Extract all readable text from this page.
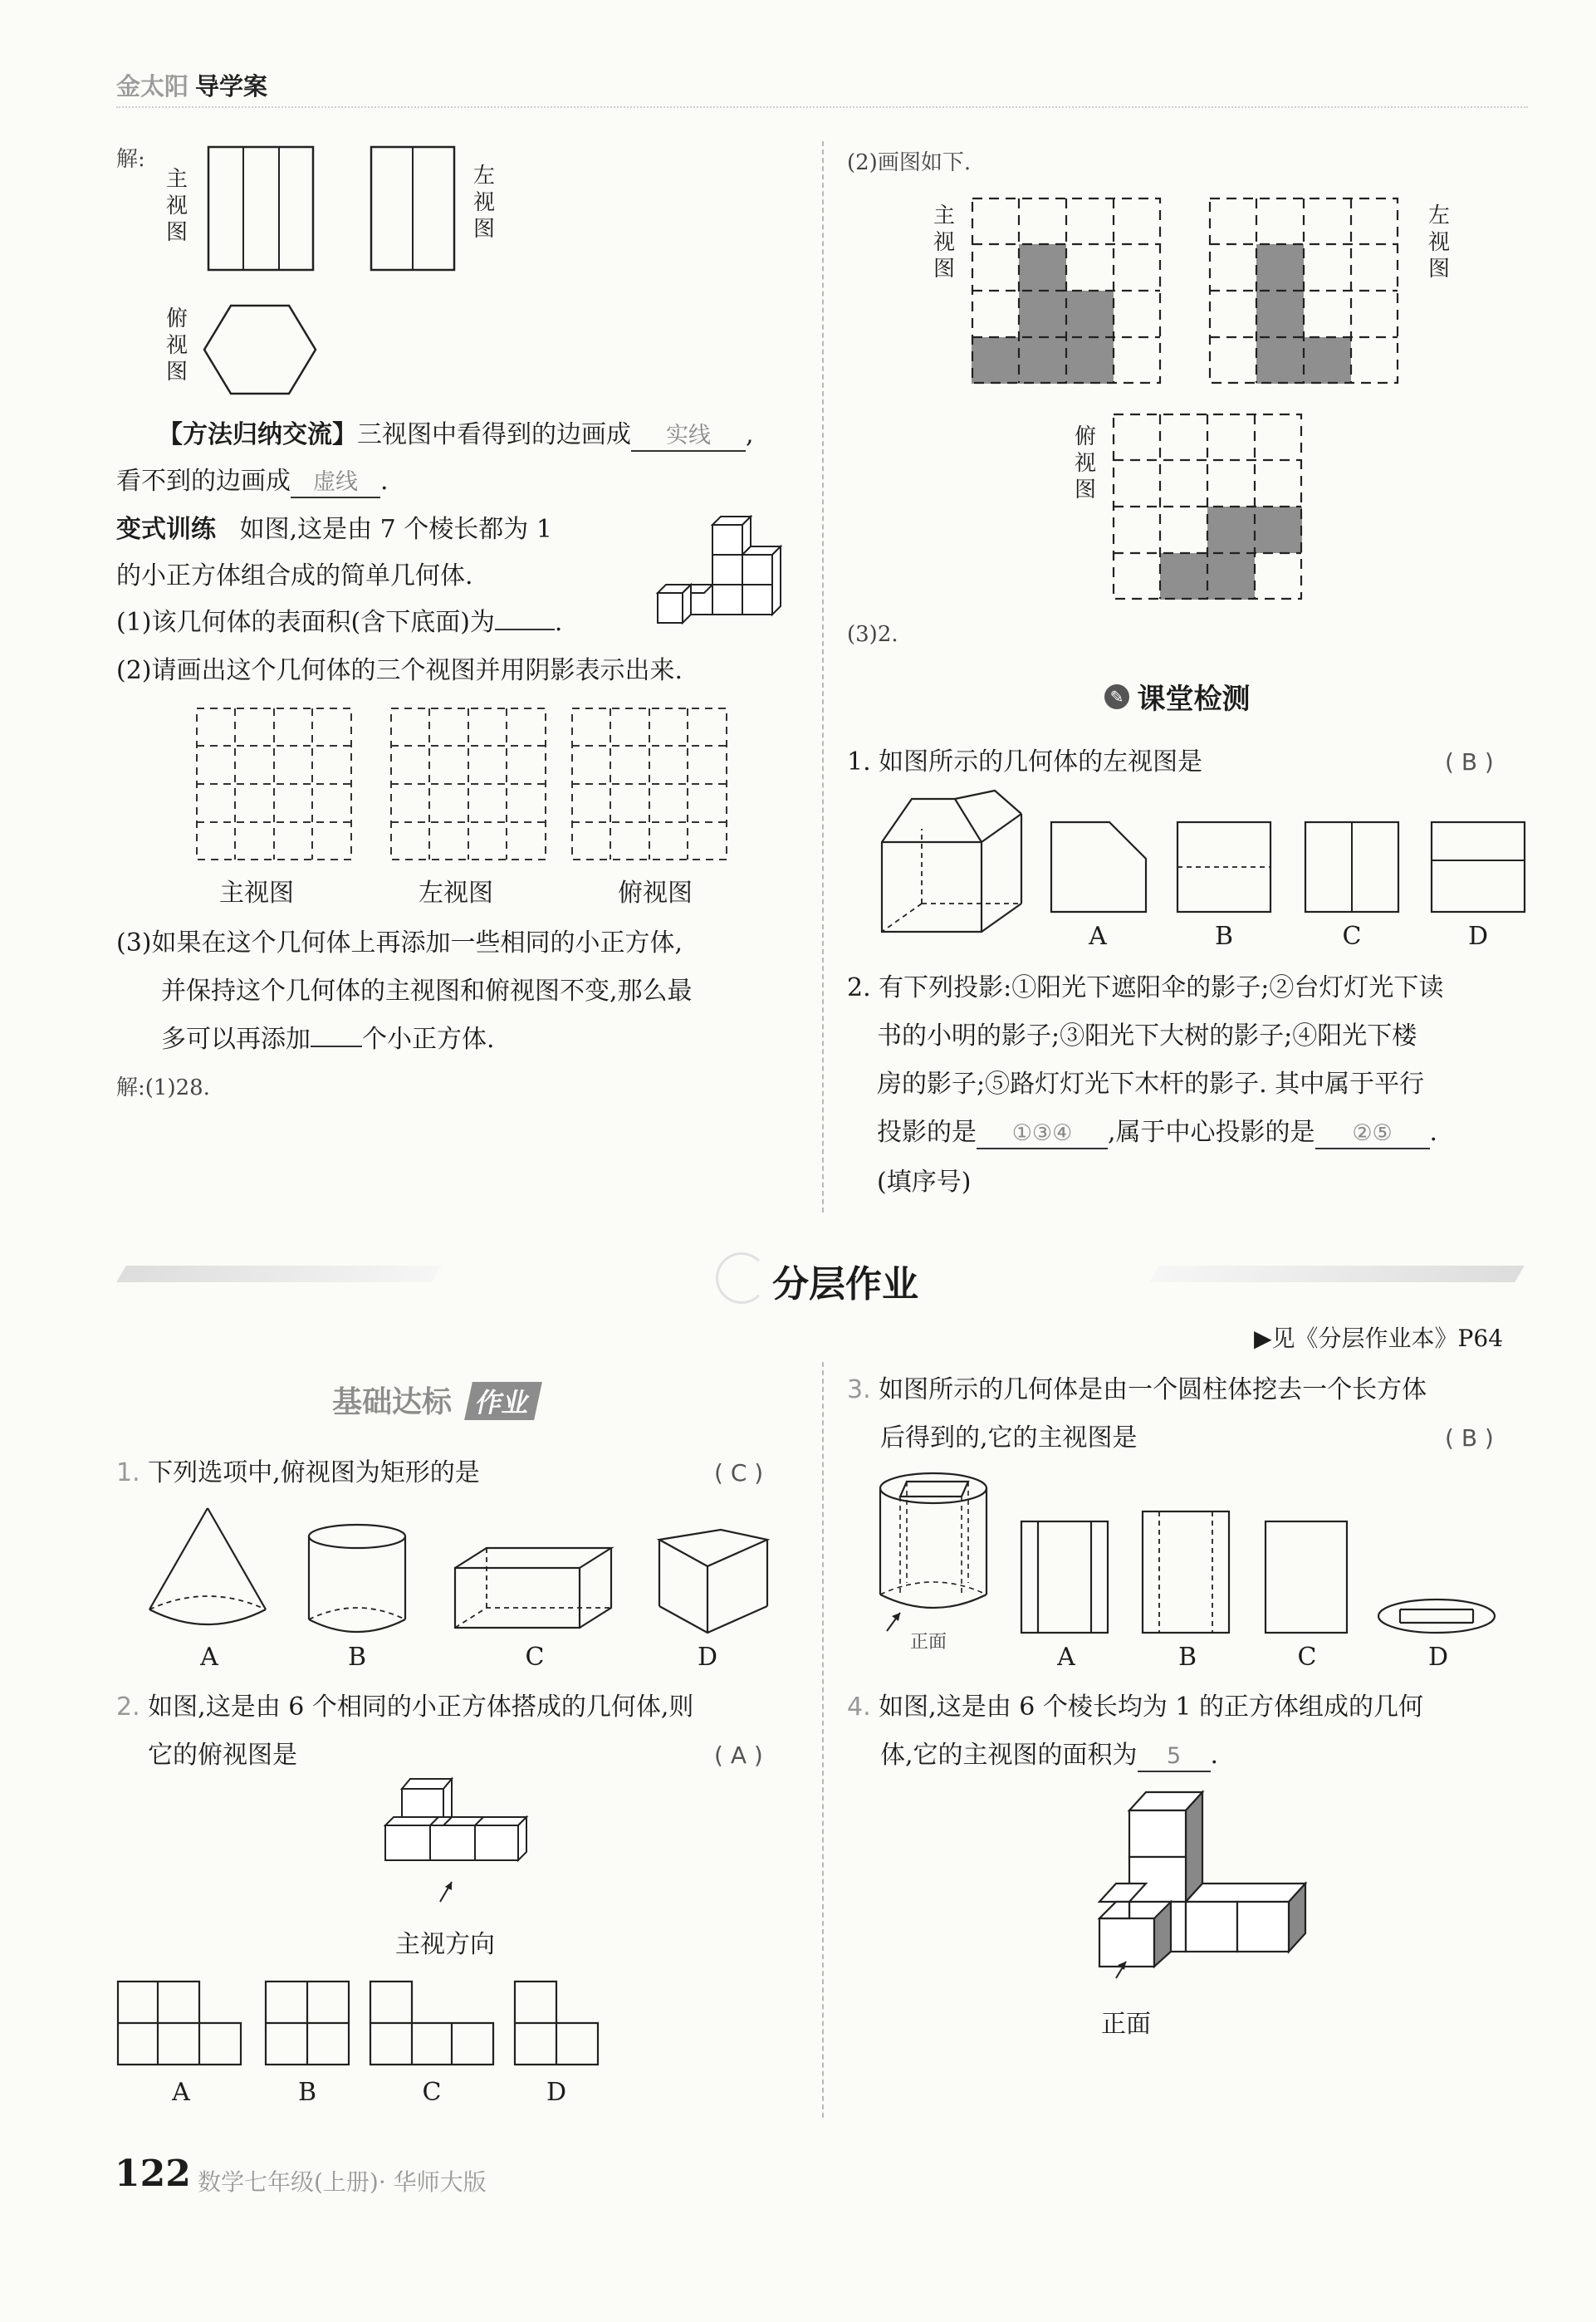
金太阳 导学案
解:
主视图
左视图
俯视图
【方法归纳交流】三视图中看得到的边画成 实线 ,
看不到的边画成 虚线 .
变式训练 如图,这是由 7 个棱长都为 1
的小正方体组合成的简单几何体.
(1)该几何体的表面积(含下底面)为 .
(2)请画出这个几何体的三个视图并用阴影表示出来.
主视图	左视图	俯视图
(3)如果在这个几何体上再添加一些相同的小正方体,
并保持这个几何体的主视图和俯视图不变,那么最
多可以再添加 个小正方体.
解:(1)28.
(2)画图如下.
主视图
左视图
俯视图
(3)2.
✎ 课堂检测
1. 如图所示的几何体的左视图是	( B )
A	B	C	D
2. 有下列投影:①阳光下遮阳伞的影子;②台灯灯光下读
书的小明的影子;③阳光下大树的影子;④阳光下楼
房的影子;⑤路灯灯光下木杆的影子. 其中属于平行
投影的是 ①③④ ,属于中心投影的是 ②⑤ .
(填序号)
分层作业
▶见《分层作业本》P64
基础达标 作业
1. 下列选项中,俯视图为矩形的是	( C )
A	B	C	D
2. 如图,这是由 6 个相同的小正方体搭成的几何体,则
它的俯视图是	( A )
主视方向
A	B	C	D
3. 如图所示的几何体是由一个圆柱体挖去一个长方体
后得到的,它的主视图是	( B )
正面
A	B	C	D
4. 如图,这是由 6 个棱长均为 1 的正方体组成的几何
体,它的主视图的面积为 5 .
正面
122 数学七年级(上册)· 华师大版
